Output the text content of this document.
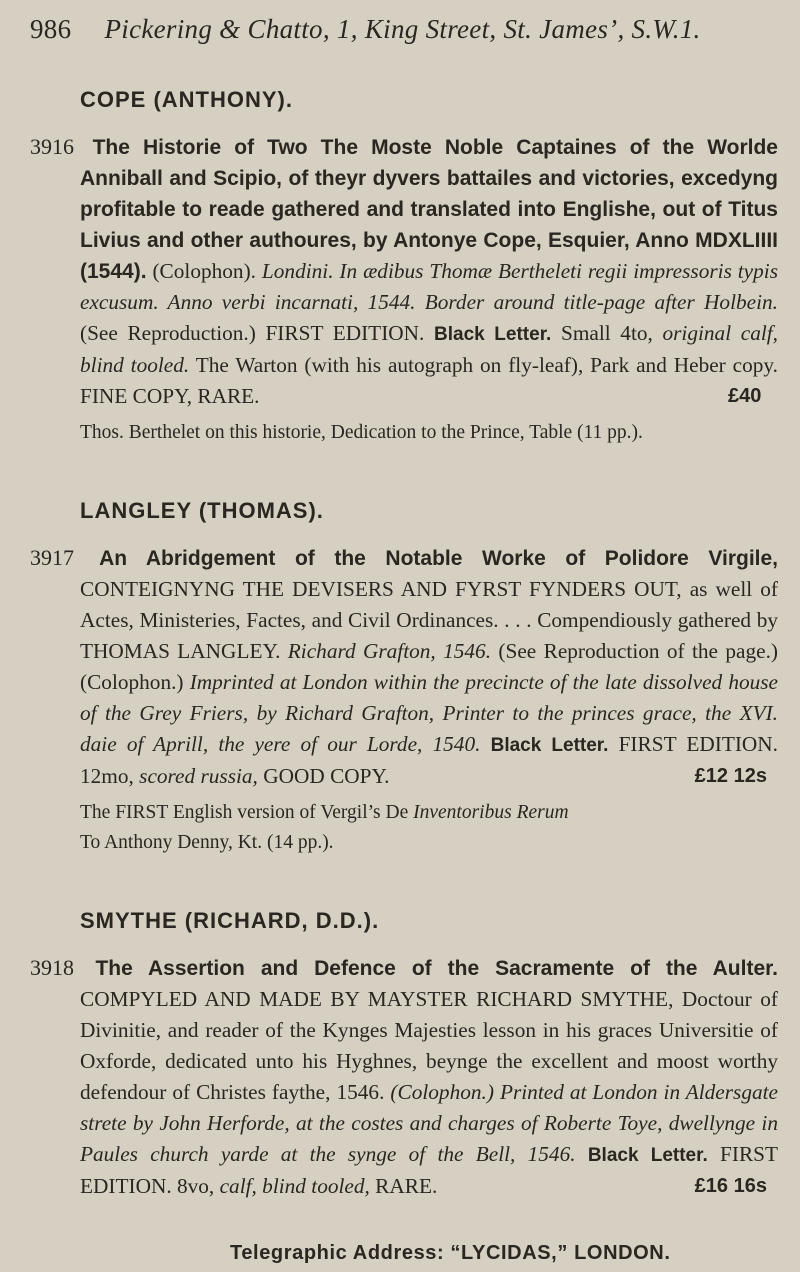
986 Pickering & Chatto, 1, King Street, St. James’, S.W.1.
COPE (ANTHONY).
3916 The Historie of Two The Moste Noble Captaines of the Worlde Anniball and Scipio, of theyr dyvers battailes and victories, excedyng profitable to reade gathered and translated into Englishe, out of Titus Livius and other authoures, by Antonye Cope, Esquier, Anno MDXLIIII (1544). (Colophon). Londini. In ædibus Thomæ Bertheleti regii impressoris typis excusum. Anno verbi incarnati, 1544. Border around title-page after Holbein. (See Reproduction.) FIRST EDITION. Black Letter. Small 4to, original calf, blind tooled. The Warton (with his autograph on fly-leaf), Park and Heber copy. FINE COPY, RARE.	£40
Thos. Berthelet on this historie, Dedication to the Prince, Table (11 pp.).
LANGLEY (THOMAS).
3917 An Abridgement of the Notable Worke of Polidore Virgile, CONTEIGNYNG THE DEVISERS AND FYRST FYNDERS OUT, as well of Actes, Ministeries, Factes, and Civil Ordinances. . . . Compendiously gathered by THOMAS LANGLEY. Richard Grafton, 1546. (See Reproduction of the page.) (Colophon.) Imprinted at London within the precincte of the late dissolved house of the Grey Friers, by Richard Grafton, Printer to the princes grace, the XVI. daie of Aprill, the yere of our Lorde, 1540. Black Letter. FIRST EDITION. 12mo, scored russia, GOOD COPY.	£12 12s
The FIRST English version of Vergil’s De Inventoribus Rerum
To Anthony Denny, Kt. (14 pp.).
SMYTHE (RICHARD, D.D.).
3918 The Assertion and Defence of the Sacramente of the Aulter. COMPYLED AND MADE BY MAYSTER RICHARD SMYTHE, Doctour of Divinitie, and reader of the Kynges Majesties lesson in his graces Universitie of Oxforde, dedicated unto his Hyghnes, beynge the excellent and moost worthy defendour of Christes faythe, 1546. (Colophon.) Printed at London in Aldersgate strete by John Herforde, at the costes and charges of Roberte Toye, dwellynge in Paules church yarde at the synge of the Bell, 1546. Black Letter. FIRST EDITION. 8vo, calf, blind tooled, RARE.	£16 16s
Telegraphic Address: “LYCIDAS,” LONDON.
